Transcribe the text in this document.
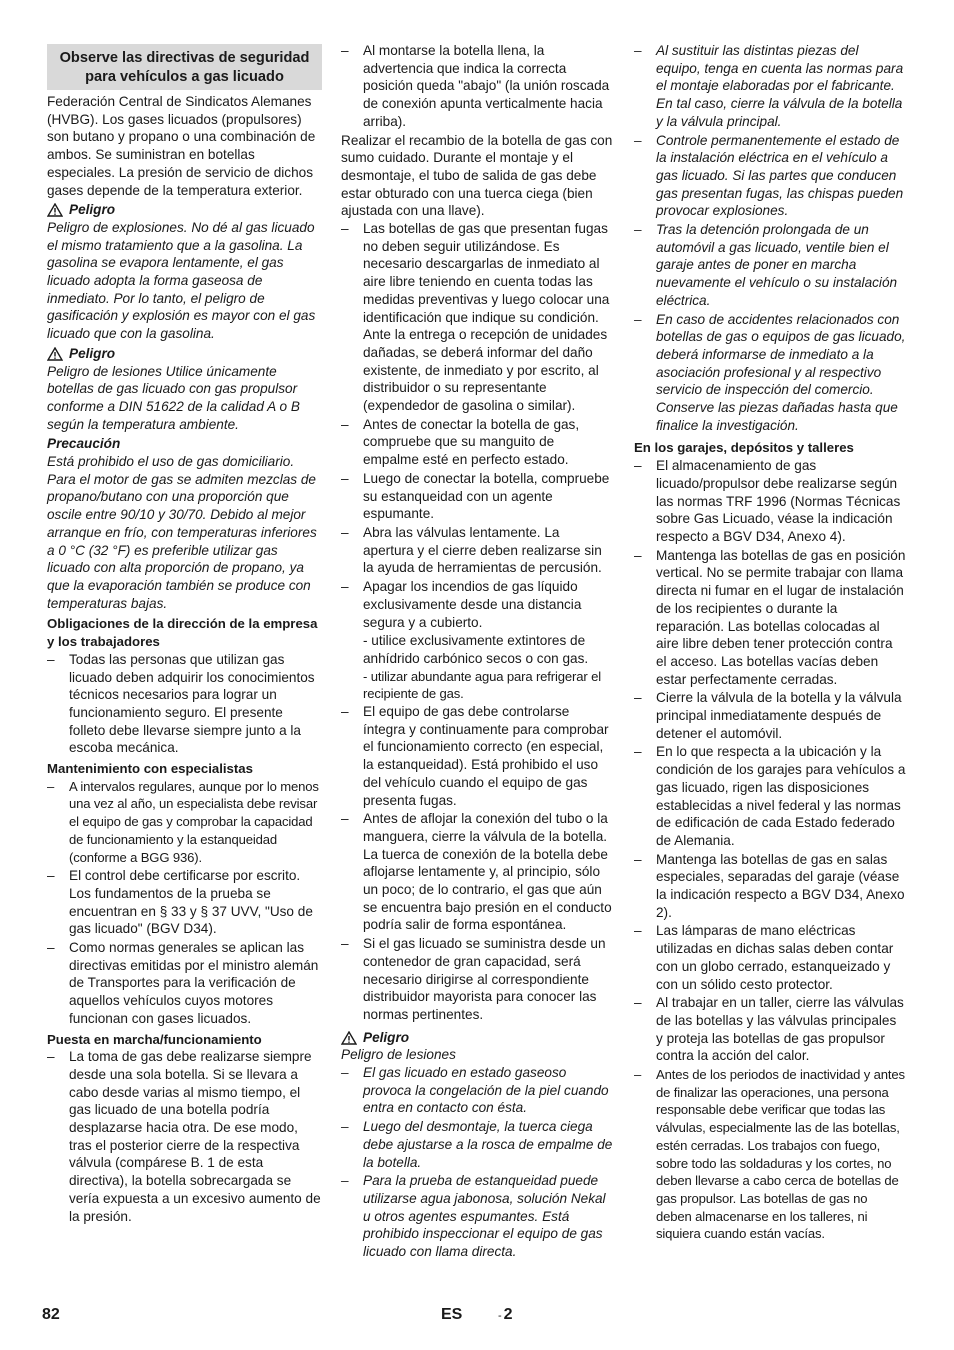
Observe las directivas de seguridad para vehículos a gas licuado

Federación Central de Sindicatos Alemanes (HVBG). Los gases licuados (propulsores) son butano y propano o una combinación de ambos. Se suministran en botellas especiales. La presión de servicio de dichos gases depende de la temperatura exterior.

Peligro

Peligro de explosiones. No dé al gas licuado el mismo tratamiento que a la gasolina. La gasolina se evapora lentamente, el gas licuado adopta la forma gaseosa de inmediato. Por lo tanto, el peligro de gasificación y explosión es mayor con el gas licuado que con la gasolina.

Peligro

Peligro de lesiones Utilice únicamente botellas de gas licuado con gas propulsor conforme a DIN 51622 de la calidad A o B según la temperatura ambiente.

Precaución

Está prohibido el uso de gas domiciliario. Para el motor de gas se admiten mezclas de propano/butano con una proporción que oscile entre 90/10 y 30/70. Debido al mejor arranque en frío, con temperaturas inferiores a 0 °C (32 °F) es preferible utilizar gas licuado con alta proporción de propano, ya que la evaporación también se produce con temperaturas bajas.

Obligaciones de la dirección de la empresa y los trabajadores
– Todas las personas que utilizan gas licuado deben adquirir los conocimientos técnicos necesarios para lograr un funcionamiento seguro. El presente folleto debe llevarse siempre junto a la escoba mecánica.
Mantenimiento con especialistas
– A intervalos regulares, aunque por lo menos una vez al año, un especialista debe revisar el equipo de gas y comprobar la capacidad de funcionamiento y la estanqueidad (conforme a BGG 936).
– El control debe certificarse por escrito. Los fundamentos de la prueba se encuentran en § 33 y § 37 UVV, "Uso de gas licuado" (BGV D34).
– Como normas generales se aplican las directivas emitidas por el ministro alemán de Transportes para la verificación de aquellos vehículos cuyos motores funcionan con gases licuados.
Puesta en marcha/funcionamiento
– La toma de gas debe realizarse siempre desde una sola botella. Si se llevara a cabo desde varias al mismo tiempo, el gas licuado de una botella podría desplazarse hacia otra. De ese modo, tras el posterior cierre de la respectiva válvula (compárese B. 1 de esta directiva), la botella sobrecargada se vería expuesta a un excesivo aumento de la presión.
– Al montarse la botella llena, la advertencia que indica la correcta posición queda "abajo" (la unión roscada de conexión apunta verticalmente hacia arriba).

Realizar el recambio de la botella de gas con sumo cuidado. Durante el montaje y el desmontaje, el tubo de salida de gas debe estar obturado con una tuerca ciega (bien ajustada con una llave).

– Las botellas de gas que presentan fugas no deben seguir utilizándose. Es necesario descargarlas de inmediato al aire libre teniendo en cuenta todas las medidas preventivas y luego colocar una identificación que indique su condición. Ante la entrega o recepción de unidades dañadas, se deberá informar del daño existente, de inmediato y por escrito, al distribuidor o su representante (expendedor de gasolina o similar).
– Antes de conectar la botella de gas, compruebe que su manguito de empalme esté en perfecto estado.
– Luego de conectar la botella, compruebe su estanqueidad con un agente espumante.
– Abra las válvulas lentamente. La apertura y el cierre deben realizarse sin la ayuda de herramientas de percusión.
– Apagar los incendios de gas líquido exclusivamente desde una distancia segura y a cubierto.

- utilice exclusivamente extintores de anhídrido carbónico secos o con gas.

- utilizar abundante agua para refrigerar el recipiente de gas.

– El equipo de gas debe controlarse íntegra y continuamente para comprobar el funcionamiento correcto (en especial, la estanqueidad). Está prohibido el uso del vehículo cuando el equipo de gas presenta fugas.
– Antes de aflojar la conexión del tubo o la manguera, cierre la válvula de la botella. La tuerca de conexión de la botella debe aflojarse lentamente y, al principio, sólo un poco; de lo contrario, el gas que aún se encuentra bajo presión en el conducto podría salir de forma espontánea.
– Si el gas licuado se suministra desde un contenedor de gran capacidad, será necesario dirigirse al correspondiente distribuidor mayorista para conocer las normas pertinentes.
Peligro

Peligro de lesiones

– El gas licuado en estado gaseoso provoca la congelación de la piel cuando entra en contacto con ésta.
– Luego del desmontaje, la tuerca ciega debe ajustarse a la rosca de empalme de la botella.
– Para la prueba de estanqueidad puede utilizarse agua jabonosa, solución Nekal u otros agentes espumantes. Está prohibido inspeccionar el equipo de gas licuado con llama directa.
– Al sustituir las distintas piezas del equipo, tenga en cuenta las normas para el montaje elaboradas por el fabricante. En tal caso, cierre la válvula de la botella y la válvula principal.
– Controle permanentemente el estado de la instalación eléctrica en el vehículo a gas licuado. Si las partes que conducen gas presentan fugas, las chispas pueden provocar explosiones.
– Tras la detención prolongada de un automóvil a gas licuado, ventile bien el garaje antes de poner en marcha nuevamente el vehículo o su instalación eléctrica.
– En caso de accidentes relacionados con botellas de gas o equipos de gas licuado, deberá informarse de inmediato a la asociación profesional y al respectivo servicio de inspección del comercio. Conserve las piezas dañadas hasta que finalice la investigación.
En los garajes, depósitos y talleres
– El almacenamiento de gas licuado/propulsor debe realizarse según las normas TRF 1996 (Normas Técnicas sobre Gas Licuado, véase la indicación respecto a BGV D34, Anexo 4).
– Mantenga las botellas de gas en posición vertical. No se permite trabajar con llama directa ni fumar en el lugar de instalación de los recipientes o durante la reparación. Las botellas colocadas al aire libre deben tener protección contra el acceso. Las botellas vacías deben estar perfectamente cerradas.
– Cierre la válvula de la botella y la válvula principal inmediatamente después de detener el automóvil.
– En lo que respecta a la ubicación y la condición de los garajes para vehículos a gas licuado, rigen las disposiciones establecidas a nivel federal y las normas de edificación de cada Estado federado de Alemania.
– Mantenga las botellas de gas en salas especiales, separadas del garaje (véase la indicación respecto a BGV D34, Anexo 2).
– Las lámparas de mano eléctricas utilizadas en dichas salas deben contar con un globo cerrado, estanqueizado y con un sólido cesto protector.
– Al trabajar en un taller, cierre las válvulas de las botellas y las válvulas principales y proteja las botellas de gas propulsor contra la acción del calor.
– Antes de los periodos de inactividad y antes de finalizar las operaciones, una persona responsable debe verificar que todas las válvulas, especialmente las de las botellas, estén cerradas. Los trabajos con fuego, sobre todo las soldaduras y los cortes, no deben llevarse a cabo cerca de botellas de gas propulsor. Las botellas de gas no deben almacenarse en los talleres, ni siquiera cuando están vacías.
82	ES	- 2
